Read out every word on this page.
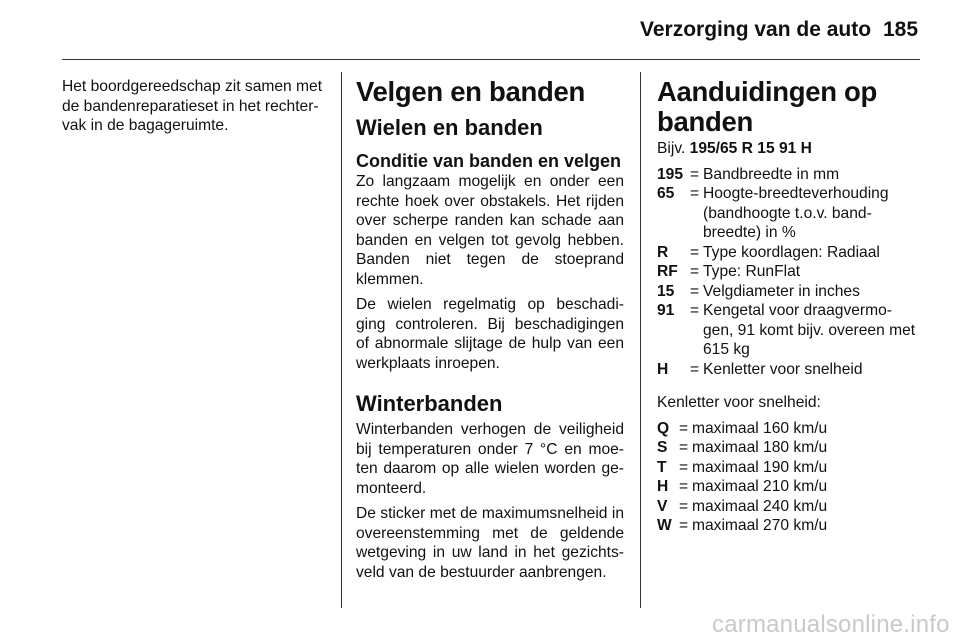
Verzorging van de auto 185

Het boordgereedschap zit samen met de bandenreparatieset in het rechter-vak in de bagageruimte.

Velgen en banden
Wielen en banden
Conditie van banden en velgen

Zo langzaam mogelijk en onder een rechte hoek over obstakels. Het rijden over scherpe randen kan schade aan banden en velgen tot gevolg hebben. Banden niet tegen de stoeprand klemmen.

De wielen regelmatig op beschadi-ging controleren. Bij beschadigingen of abnormale slijtage de hulp van een werkplaats inroepen.

Winterbanden

Winterbanden verhogen de veiligheid bij temperaturen onder 7 °C en moe-ten daarom op alle wielen worden ge-monteerd.

De sticker met de maximumsnelheid in overeenstemming met de geldende wetgeving in uw land in het gezichts-veld van de bestuurder aanbrengen.

Aanduidingen op banden
Bijv. 195/65 R 15 91 H
195 = Bandbreedte in mm
65	= Hoogte-breedteverhouding (bandhoogte t.o.v. band-breedte) in %
R	= Type koordlagen: Radiaal
RF = Type: RunFlat
15	= Velgdiameter in inches
91	= Kengetal voor draagvermo-gen, 91 komt bijv. overeen met 615 kg
H	= Kenletter voor snelheid

Kenletter voor snelheid:

Q = maximaal 160 km/u
S = maximaal 180 km/u
T = maximaal 190 km/u
H = maximaal 210 km/u
V = maximaal 240 km/u
W = maximaal 270 km/u
carmanualsonline.info
